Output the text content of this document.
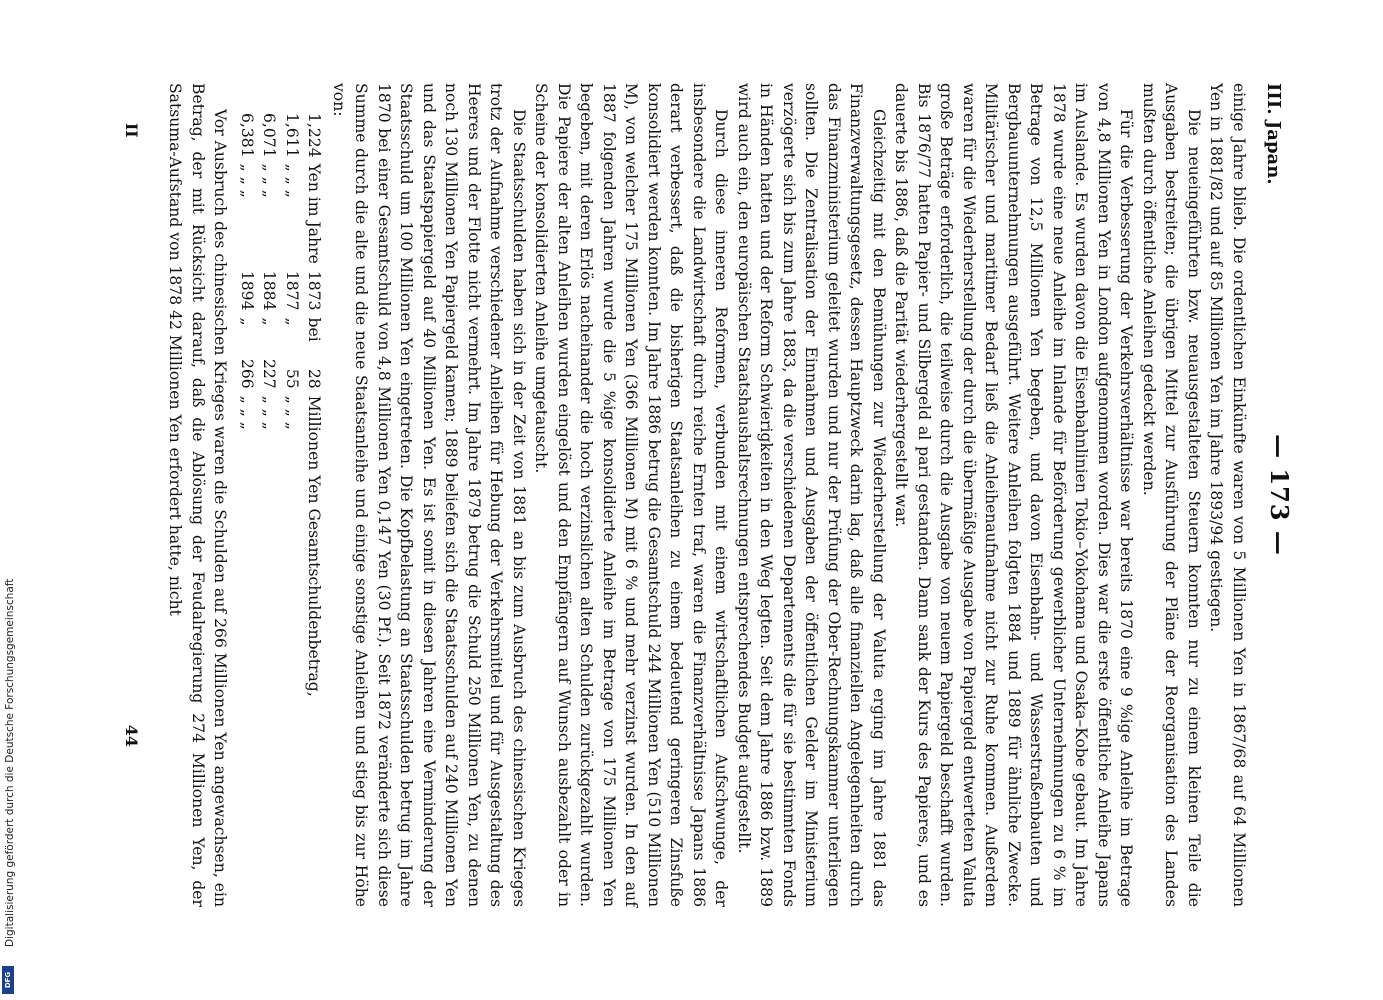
Digitalisierung gefördert durch die Deutsche Forschungsgemeinschaft
DFG
III. Japan.
— 173 —

einige Jahre blieb. Die ordentlichen Einkünfte waren von 5 Millionen Yen in 1867/68 auf 64 Millionen Yen in 1881/82 und auf 85 Millionen Yen im Jahre 1893/94 gestiegen.

Die neueingeführten bzw. neuausgestalteten Steuern konnten nur zu einem kleinen Teile die Ausgaben bestreiten; die übrigen Mittel zur Ausführung der Pläne der Reorganisation des Landes mußten durch öffentliche Anleihen gedeckt werden.

Für die Verbesserung der Verkehrsverhältnisse war bereits 1870 eine 9 %ige Anleihe im Betrage von 4,8 Millionen Yen in London aufgenommen worden. Dies war die erste öffentliche Anleihe Japans im Auslande. Es wurden davon die Eisenbahnlinien Tokio–Yokohama und Osaka–Kobe gebaut. Im Jahre 1878 wurde eine neue Anleihe im Inlande für Beförderung gewerblicher Unternehmungen zu 6 % im Betrage von 12,5 Millionen Yen begeben, und davon Eisenbahn- und Wasserstraßenbauten und Bergbauunternehmungen ausgeführt. Weitere Anleihen folgten 1884 und 1889 für ähnliche Zwecke. Militärischer und maritimer Bedarf ließ die Anleihenaufnahme nicht zur Ruhe kommen. Außerdem waren für die Wiederherstellung der durch die übermäßige Ausgabe von Papiergeld entwerteten Valuta große Beträge erforderlich, die teilweise durch die Ausgabe von neuem Papiergeld beschafft wurden. Bis 1876/77 hatten Papier- und Silbergeld al pari gestanden. Dann sank der Kurs des Papieres, und es dauerte bis 1886, daß die Parität wiederhergestellt war.

Gleichzeitig mit den Bemühungen zur Wiederherstellung der Valuta erging im Jahre 1881 das Finanzverwaltungsgesetz, dessen Hauptzweck darin lag, daß alle finanziellen Angelegenheiten durch das Finanzministerium geleitet wurden und nur der Prüfung der Ober-Rechnungskammer unterliegen sollten. Die Zentralisation der Einnahmen und Ausgaben der öffentlichen Gelder im Ministerium verzögerte sich bis zum Jahre 1883, da die verschiedenen Departements die für sie bestimmten Fonds in Händen hatten und der Reform Schwierigkeiten in den Weg legten. Seit dem Jahre 1886 bzw. 1889 wird auch ein, den europäischen Staatshaushaltsrechnungen entsprechendes Budget aufgestellt.

Durch diese inneren Reformen, verbunden mit einem wirtschaftlichen Aufschwunge, der insbesondere die Landwirtschaft durch reiche Ernten traf, waren die Finanzverhältnisse Japans 1886 derart verbessert, daß die bisherigen Staatsanleihen zu einem bedeutend geringeren Zinsfuße konsolidiert werden konnten. Im Jahre 1886 betrug die Gesamtschuld 244 Millionen Yen (510 Millionen M), von welcher 175 Millionen Yen (366 Millionen M) mit 6 % und mehr verzinst wurden. In den auf 1887 folgenden Jahren wurde die 5 %ige konsolidierte Anleihe im Betrage von 175 Millionen Yen begeben, mit deren Erlös nacheinander die hoch verzinslichen alten Schulden zurückgezahlt wurden. Die Papiere der alten Anleihen wurden eingelöst und den Empfängern auf Wunsch ausbezahlt oder in Scheine der konsolidierten Anleihe umgetauscht.

Die Staatsschulden haben sich in der Zeit von 1881 an bis zum Ausbruch des chinesischen Krieges trotz der Aufnahme verschiedener Anleihen für Hebung der Verkehrsmittel und für Ausgestaltung des Heeres und der Flotte nicht vermehrt. Im Jahre 1879 betrug die Schuld 250 Millionen Yen, zu denen noch 130 Millionen Yen Papiergeld kamen; 1889 beliefen sich die Staatsschulden auf 240 Millionen Yen und das Staatspapiergeld auf 40 Millionen Yen. Es ist somit in diesen Jahren eine Verminderung der Staatsschuld um 100 Millionen Yen eingetreten. Die Kopfbelastung an Staatsschulden betrug im Jahre 1870 bei einer Gesamtschuld von 4,8 Millionen Yen 0,147 Yen (30 Pf.). Seit 1872 veränderte sich diese Summe durch die alte und die neue Staatsanleihe und einige sonstige Anleihen und stieg bis zur Höhe von:

1,224	Yen im Jahre	1873	bei	28	Millionen Yen Gesamtschuldenbetrag,
1,611	„ „ „	1877	„	55	„ „ „
6,071	„ „ „	1884	„	227	„ „ „
6,381	„ „ „	1894	„	266	„ „ „

Vor Ausbruch des chinesischen Krieges waren die Schulden auf 266 Millionen Yen angewachsen, ein Betrag, der mit Rücksicht darauf, daß die Ablösung der Feudalregierung 274 Millionen Yen, der Satsuma-Aufstand von 1878 42 Millionen Yen erfordert hatte, nicht

II
44
